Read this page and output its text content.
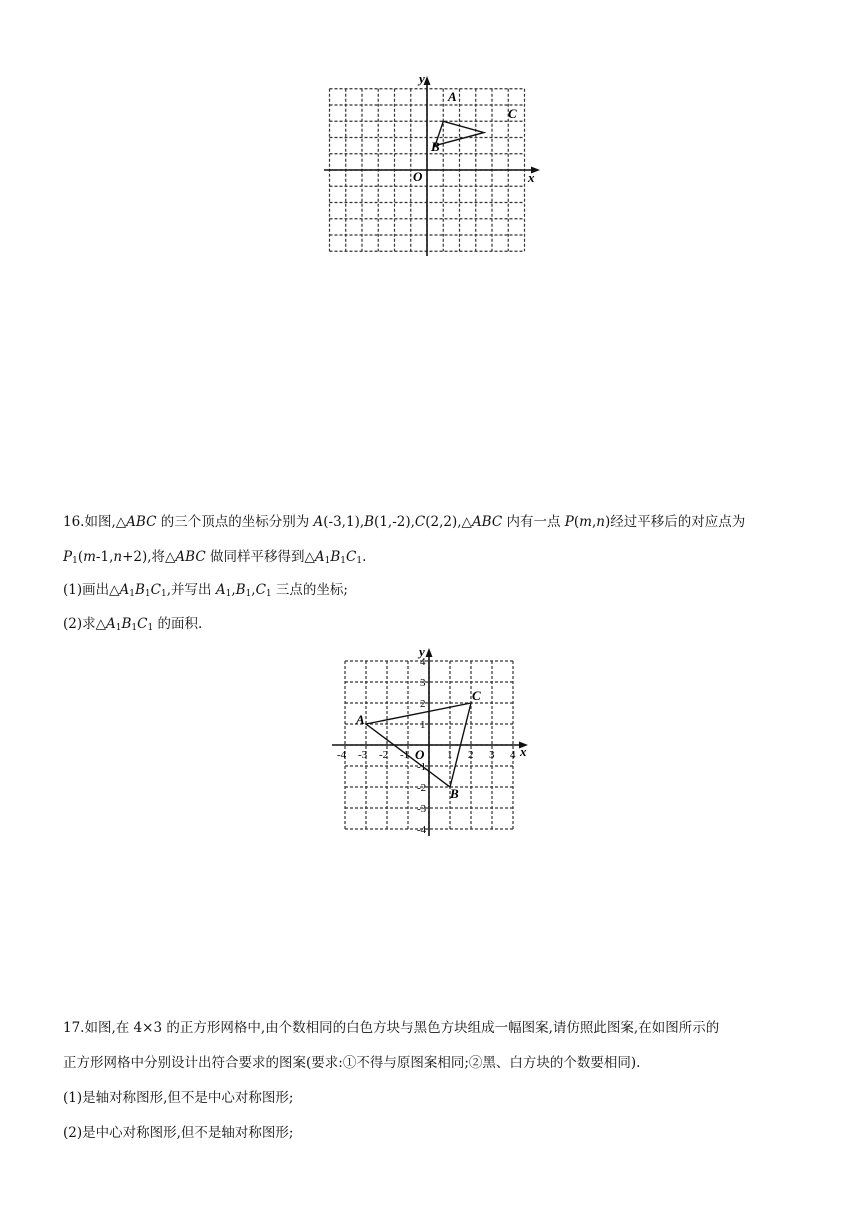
y
x
O
A
B
C
16.如图,△ABC 的三个顶点的坐标分别为 A(-3,1),B(1,-2),C(2,2),△ABC 内有一点 P(m,n)经过平移后的对应点为
$P_1(m-1,n+2)$,将△ABC 做同样平移得到$\triangle A_1B_1C_1$.
(1)画出$\triangle A_1B_1C_1$,并写出 $A_1,B_1,C_1$ 三点的坐标;
(2)求$\triangle A_1B_1C_1$ 的面积.
-4 -3 -2 -1	1 2 3 4
4
3
2
1
-1
-2
-3
-4
y
x
O
A
B
C
17.如图,在 4×3 的正方形网格中,由个数相同的白色方块与黑色方块组成一幅图案,请仿照此图案,在如图所示的
正方形网格中分别设计出符合要求的图案(要求:①不得与原图案相同;②黑、白方块的个数要相同).
(1)是轴对称图形,但不是中心对称图形;
(2)是中心对称图形,但不是轴对称图形;
